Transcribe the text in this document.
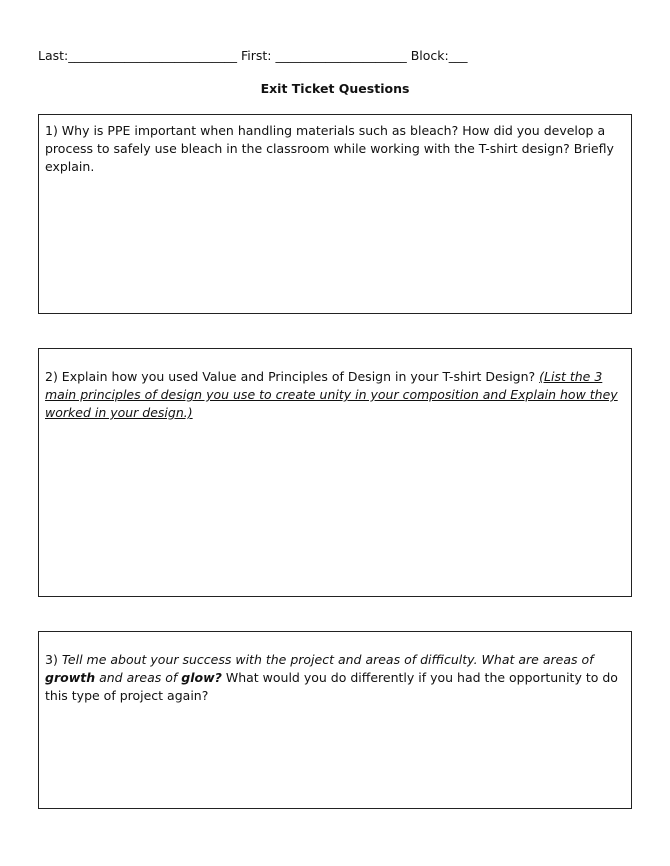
Last:___________________________ First: _____________________ Block:___
Exit Ticket Questions
1) Why is PPE important when handling materials such as bleach? How did you develop a process to safely use bleach in the classroom while working with the T-shirt design? Briefly explain.
2) Explain how you used Value and Principles of Design in your T-shirt Design? (List the 3 main principles of design you use to create unity in your composition and Explain how they worked in your design.)
3) Tell me about your success with the project and areas of difficulty. What are areas of growth and areas of glow? What would you do differently if you had the opportunity to do this type of project again?
